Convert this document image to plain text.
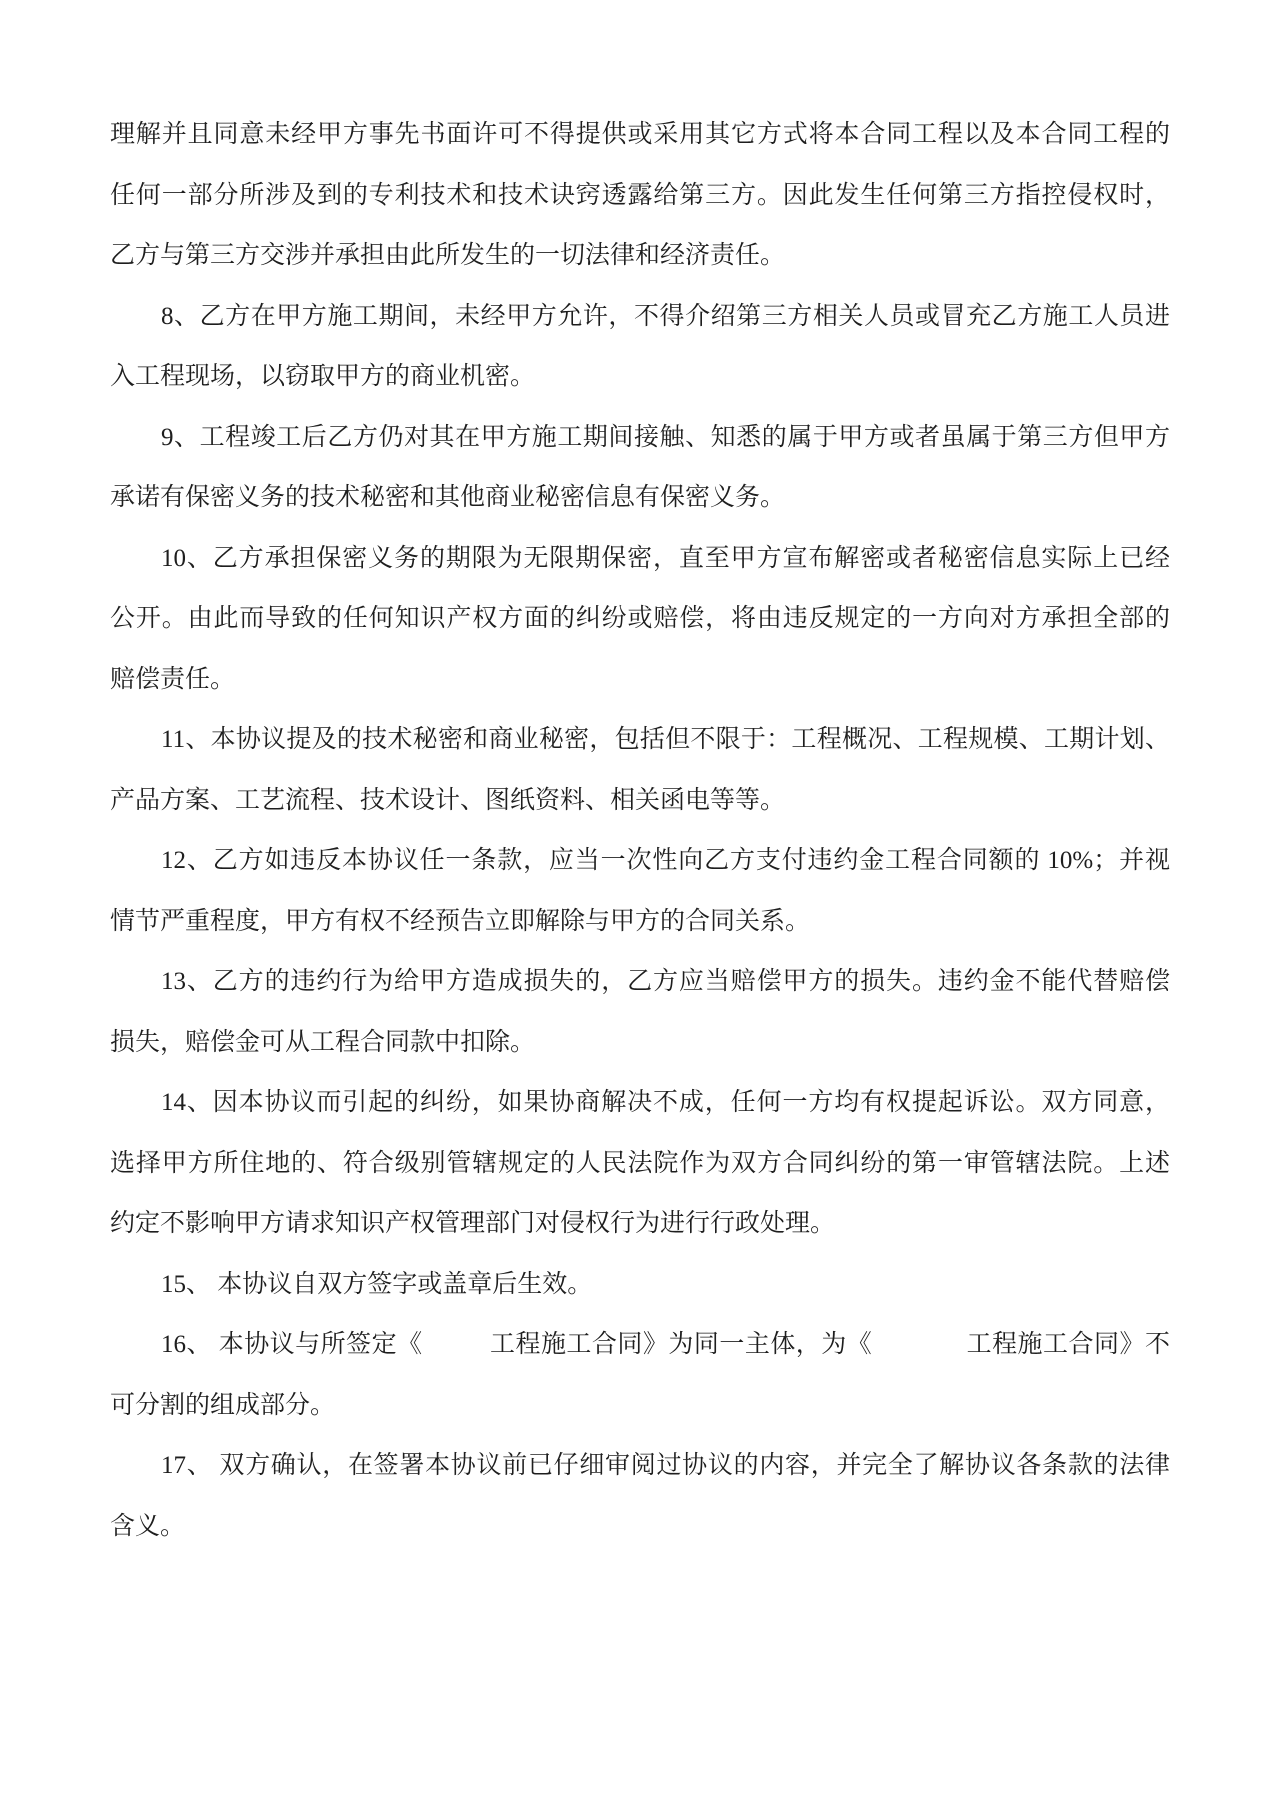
理解并且同意未经甲方事先书面许可不得提供或采用其它方式将本合同工程以及本合同工程的
任何一部分所涉及到的专利技术和技术诀窍透露给第三方。因此发生任何第三方指控侵权时，
乙方与第三方交涉并承担由此所发生的一切法律和经济责任。
8、乙方在甲方施工期间，未经甲方允许，不得介绍第三方相关人员或冒充乙方施工人员进
入工程现场，以窃取甲方的商业机密。
9、工程竣工后乙方仍对其在甲方施工期间接触、知悉的属于甲方或者虽属于第三方但甲方
承诺有保密义务的技术秘密和其他商业秘密信息有保密义务。
10、乙方承担保密义务的期限为无限期保密，直至甲方宣布解密或者秘密信息实际上已经
公开。由此而导致的任何知识产权方面的纠纷或赔偿，将由违反规定的一方向对方承担全部的
赔偿责任。
11、本协议提及的技术秘密和商业秘密，包括但不限于：工程概况、工程规模、工期计划、
产品方案、工艺流程、技术设计、图纸资料、相关函电等等。
12、乙方如违反本协议任一条款，应当一次性向乙方支付违约金工程合同额的 10%；并视
情节严重程度，甲方有权不经预告立即解除与甲方的合同关系。
13、乙方的违约行为给甲方造成损失的，乙方应当赔偿甲方的损失。违约金不能代替赔偿
损失，赔偿金可从工程合同款中扣除。
14、因本协议而引起的纠纷，如果协商解决不成，任何一方均有权提起诉讼。双方同意，
选择甲方所住地的、符合级别管辖规定的人民法院作为双方合同纠纷的第一审管辖法院。上述
约定不影响甲方请求知识产权管理部门对侵权行为进行行政处理。
15、 本协议自双方签字或盖章后生效。
16、 本协议与所签定《          工程施工合同》为同一主体，为《              工程施工合同》不
可分割的组成部分。
17、 双方确认，在签署本协议前已仔细审阅过协议的内容，并完全了解协议各条款的法律
含义。
